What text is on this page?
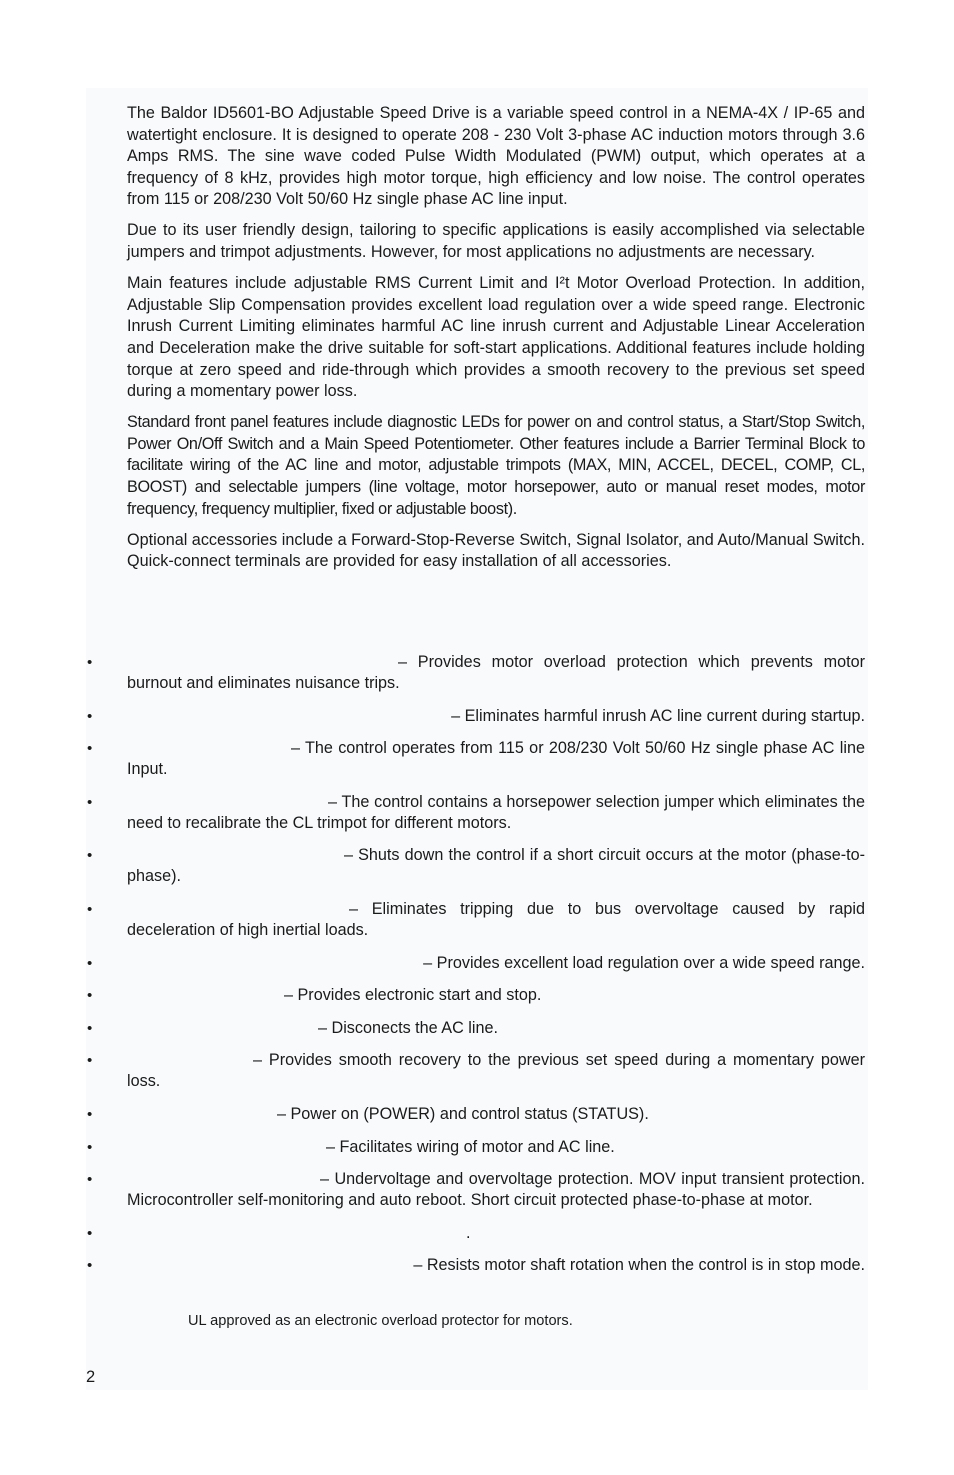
The Baldor ID5601-BO Adjustable Speed Drive is a variable speed control in a NEMA-4X / IP-65 and watertight enclosure. It is designed to operate 208 - 230 Volt 3-phase AC induction motors through 3.6 Amps RMS. The sine wave coded Pulse Width Modulated (PWM) output, which operates at a frequency of 8 kHz, provides high motor torque, high efficiency and low noise. The control operates from 115 or 208/230 Volt 50/60 Hz single phase AC line input.

Due to its user friendly design, tailoring to specific applications is easily accomplished via selectable jumpers and trimpot adjustments. However, for most applications no adjustments are necessary.

Main features include adjustable RMS Current Limit and I²t Motor Overload Protection. In addition, Adjustable Slip Compensation provides excellent load regulation over a wide speed range. Electronic Inrush Current Limiting eliminates harmful AC line inrush current and Adjustable Linear Acceleration and Deceleration make the drive suitable for soft-start applications. Additional features include holding torque at zero speed and ride-through which provides a smooth recovery to the previous set speed during a momentary power loss.

Standard front panel features include diagnostic LEDs for power on and control status, a Start/Stop Switch, Power On/Off Switch and a Main Speed Potentiometer. Other features include a Barrier Terminal Block to facilitate wiring of the AC line and motor, adjustable trimpots (MAX, MIN, ACCEL, DECEL, COMP, CL, BOOST) and selectable jumpers (line voltage, motor horsepower, auto or manual reset modes, motor frequency, frequency multiplier, fixed or adjustable boost).

Optional accessories include a Forward-Stop-Reverse Switch, Signal Isolator, and Auto/Manual Switch. Quick-connect terminals are provided for easy installation of all accessories.

•	– Provides motor overload protection which prevents motor burnout and eliminates nuisance trips.
•	– Eliminates harmful inrush AC line current during startup.
•	– The control operates from 115 or 208/230 Volt 50/60 Hz single phase AC line Input.
•	– The control contains a horsepower selection jumper which eliminates the need to recalibrate the CL trimpot for different motors.
•	– Shuts down the control if a short circuit occurs at the motor (phase-to-phase).
•	– Eliminates tripping due to bus overvoltage caused by rapid deceleration of high inertial loads.
•	– Provides excellent load regulation over a wide speed range.
•	– Provides electronic start and stop.
•	– Disconects the AC line.
•	– Provides smooth recovery to the previous set speed during a momentary power loss.
•	– Power on (POWER) and control status (STATUS).
•	– Facilitates wiring of motor and AC line.
•	– Undervoltage and overvoltage protection. MOV input transient protection. Microcontroller self-monitoring and auto reboot. Short circuit protected phase-to-phase at motor.
•	.
•	– Resists motor shaft rotation when the control is in stop mode.
UL approved as an electronic overload protector for motors.
2
